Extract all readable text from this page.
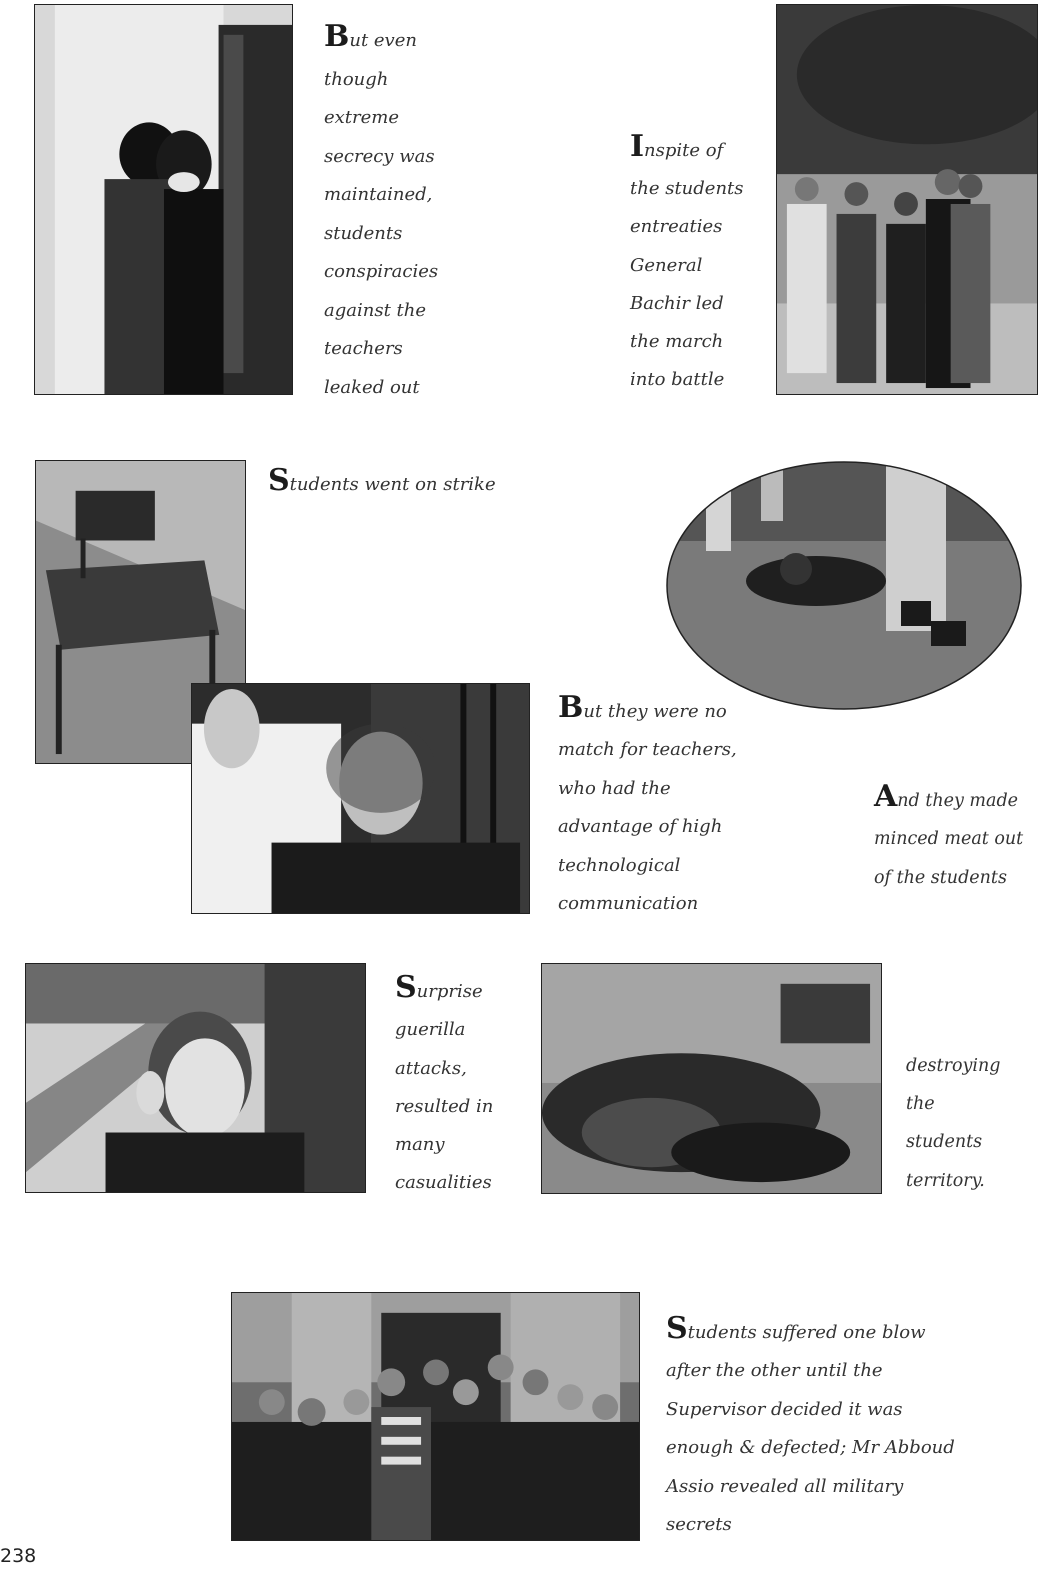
But even
though
extreme
secrecy was
maintained,
students
conspiracies
against the
teachers
leaked out
Inspite of
the students
entreaties
General
Bachir led
the march
into battle
Students went on strike
But they were no
match for teachers,
who had the
advantage of high
technological
communication
And they made
minced meat out
of the students
Surprise
guerilla
attacks,
resulted in
many
casualities
destroying
the
students
territory.
Students suffered one blow
after the other until the
Supervisor decided it was
enough & defected; Mr Abboud
Assio revealed all military
secrets
238
